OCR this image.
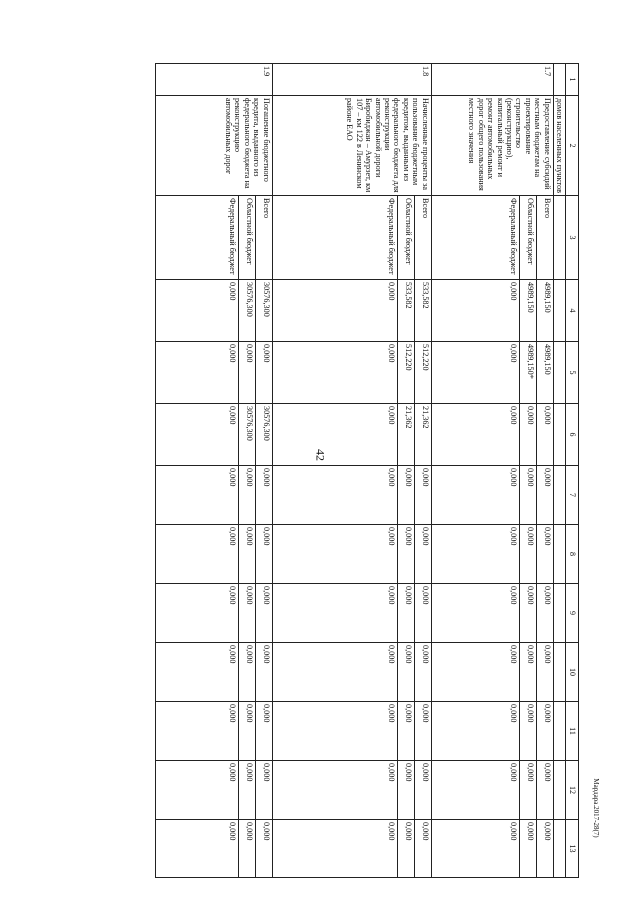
42
Мардара.2017-28(7)
1	2	3	4	5	6	7	8	9	10	11	12	13
	домов населенных пунктов											
1.7	Предоставление субсидий местным бюджетам на проектирование строительство (реконструкцию), капитальный ремонт и ремонт автомобильных дорог общего пользования местного значения	Всего	4989,150	4989,150	0,000	0,000	0,000	0,000	0,000	0,000	0,000	0,000
		Областной бюджет	4989,150	4989,150*	0,000	0,000	0,000	0,000	0,000	0,000	0,000	0,000
		Федеральный бюджет	0,000	0,000	0,000	0,000	0,000	0,000	0,000	0,000	0,000	0,000
1.8	Начисленные проценты за пользование бюджетным кредитом, выданным из федерального бюджета для реконструкции автомобильной дороги Биробиджан – Амурзет, км 107 – км 122 в Ленинском районе ЕАО	Всего	533,582	512,220	21,362	0,000	0,000	0,000	0,000	0,000	0,000	0,000
		Областной бюджет	533,582	512,220	21,362	0,000	0,000	0,000	0,000	0,000	0,000	0,000
		Федеральный бюджет	0,000	0,000	0,000	0,000	0,000	0,000	0,000	0,000	0,000	0,000
1.9	Погашение бюджетного кредита, выданного из федерального бюджета на реконструкцию автомобильных дорог	Всего	30576,300	0,000	30576,300	0,000	0,000	0,000	0,000	0,000	0,000	0,000
		Областной бюджет	30576,300	0,000	30576,300	0,000	0,000	0,000	0,000	0,000	0,000	0,000
		Федеральный бюджет	0,000	0,000	0,000	0,000	0,000	0,000	0,000	0,000	0,000	0,000
